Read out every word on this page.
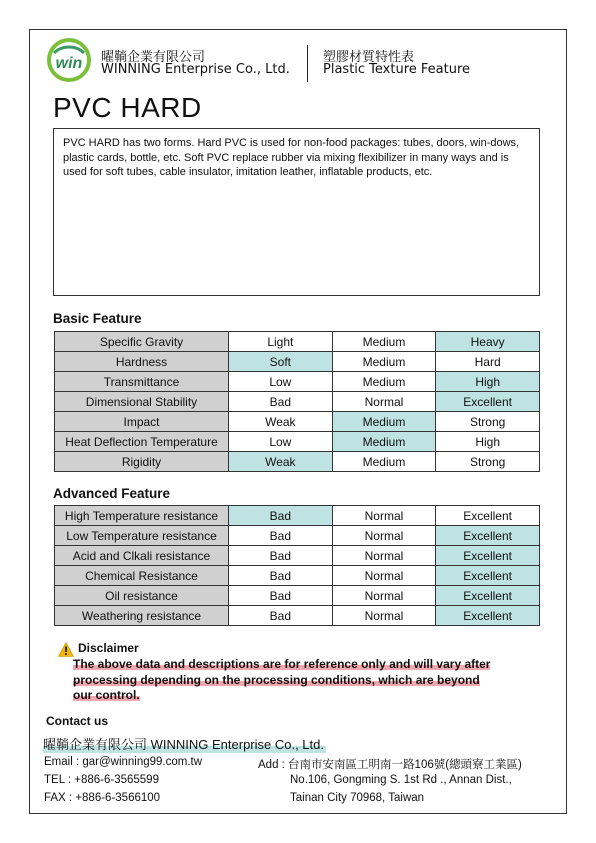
win 曜鞝企業有限公司
WINNING Enterprise Co., Ltd.
塑膠材質特性表
Plastic Texture Feature
PVC HARD
PVC HARD has two forms. Hard PVC is used for non-food packages: tubes, doors, win-dows, plastic cards, bottle, etc. Soft PVC replace rubber via mixing flexibilizer in many ways and is used for soft tubes, cable insulator, imitation leather, inflatable products, etc.
Basic Feature
Specific Gravity	Light	Medium	Heavy
Hardness	Soft	Medium	Hard
Transmittance	Low	Medium	High
Dimensional Stability	Bad	Normal	Excellent
Impact	Weak	Medium	Strong
Heat Deflection Temperature	Low	Medium	High
Rigidity	Weak	Medium	Strong
Advanced Feature
High Temperature resistance	Bad	Normal	Excellent
Low Temperature resistance	Bad	Normal	Excellent
Acid and Clkali resistance	Bad	Normal	Excellent
Chemical Resistance	Bad	Normal	Excellent
Oil resistance	Bad	Normal	Excellent
Weathering resistance	Bad	Normal	Excellent
Disclaimer
The above data and descriptions are for reference only and will vary after
processing depending on the processing conditions, which are beyond
our control.
Contact us
曜鞝企業有限公司 WINNING Enterprise Co., Ltd.
Email : gar@winning99.com.tw
TEL : +886-6-3565599
FAX : +886-6-3566100
Add : 台南市安南區工明南一路106號(總頭寮工業區)
No.106, Gongming S. 1st Rd ., Annan Dist.,
Tainan City 70968, Taiwan
